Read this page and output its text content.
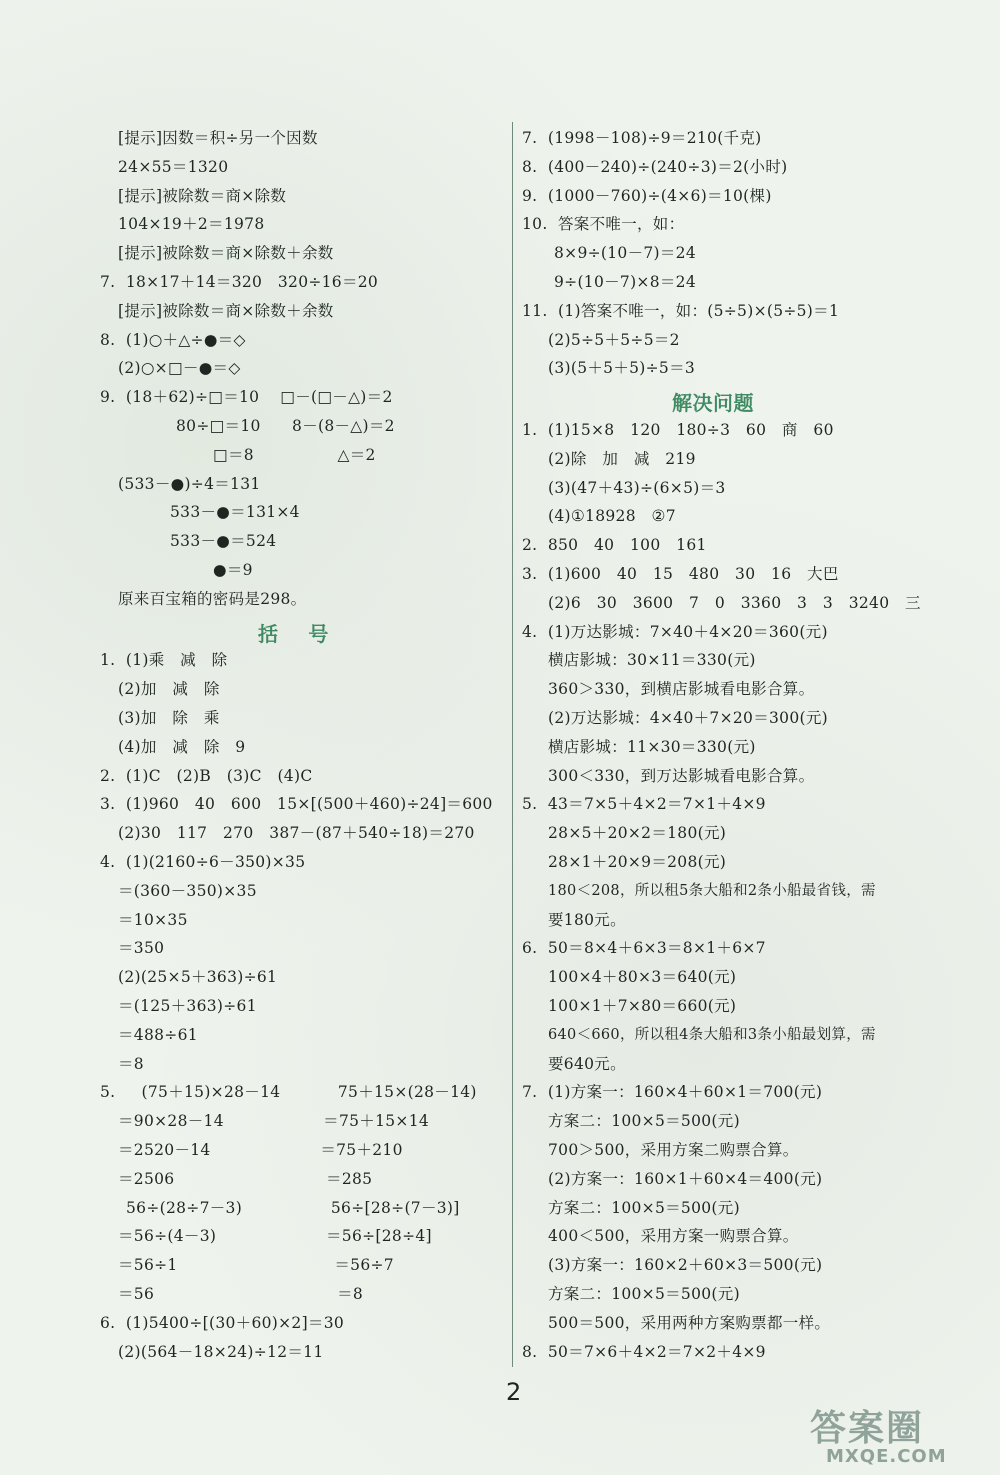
[提示]因数＝积÷另一个因数
24×55＝1320
[提示]被除数＝商×除数
104×19＋2＝1978
[提示]被除数＝商×除数＋余数
7.  18×17＋14＝320   320÷16＝20
[提示]被除数＝商×除数＋余数
8.  (1)○＋△÷●＝◇
(2)○×□－●＝◇
9.  (18＋62)÷□＝10    □－(□－△)＝2
80÷□＝10      8－(8－△)＝2
□＝8                △＝2
(533－●)÷4＝131
533－●＝131×4
533－●＝524
●＝9
原来百宝箱的密码是298。
括    号
1.  (1)乘   减   除
(2)加   减   除
(3)加   除   乘
(4)加   减   除   9
2.  (1)C   (2)B   (3)C   (4)C
3.  (1)960   40   600   15×[(500＋460)÷24]＝600
(2)30   117   270   387－(87＋540÷18)＝270
4.  (1)(2160÷6－350)×35
＝(360－350)×35
＝10×35
＝350
(2)(25×5＋363)÷61
＝(125＋363)÷61
＝488÷61
＝8
5.     (75＋15)×28－14           75＋15×(28－14)
＝90×28－14                   ＝75＋15×14
＝2520－14                     ＝75＋210
＝2506                             ＝285
56÷(28÷7－3)                 56÷[28÷(7－3)]
＝56÷(4－3)                     ＝56÷[28÷4]
＝56÷1                              ＝56÷7
＝56                                   ＝8
6.  (1)5400÷[(30＋60)×2]＝30
(2)(564－18×24)÷12＝11
7.  (1998－108)÷9＝210(千克)
8.  (400－240)÷(240÷3)＝2(小时)
9.  (1000－760)÷(4×6)＝10(棵)
10.  答案不唯一，如：
8×9÷(10－7)＝24
9÷(10－7)×8＝24
11.  (1)答案不唯一，如：(5÷5)×(5÷5)＝1
(2)5÷5＋5÷5＝2
(3)(5＋5＋5)÷5＝3
解决问题
1.  (1)15×8   120   180÷3   60   商   60
(2)除   加   减   219
(3)(47＋43)÷(6×5)＝3
(4)①18928   ②7
2.  850   40   100   161
3.  (1)600   40   15   480   30   16   大巴
(2)6   30   3600   7   0   3360   3   3   3240   三
4.  (1)万达影城：7×40＋4×20＝360(元)
横店影城：30×11＝330(元)
360＞330，到横店影城看电影合算。
(2)万达影城：4×40＋7×20＝300(元)
横店影城：11×30＝330(元)
300＜330，到万达影城看电影合算。
5.  43＝7×5＋4×2＝7×1＋4×9
28×5＋20×2＝180(元)
28×1＋20×9＝208(元)
180＜208，所以租5条大船和2条小船最省钱，需
要180元。
6.  50＝8×4＋6×3＝8×1＋6×7
100×4＋80×3＝640(元)
100×1＋7×80＝660(元)
640＜660，所以租4条大船和3条小船最划算，需
要640元。
7.  (1)方案一：160×4＋60×1＝700(元)
方案二：100×5＝500(元)
700＞500，采用方案二购票合算。
(2)方案一：160×1＋60×4＝400(元)
方案二：100×5＝500(元)
400＜500，采用方案一购票合算。
(3)方案一：160×2＋60×3＝500(元)
方案二：100×5＝500(元)
500＝500，采用两种方案购票都一样。
8.  50＝7×6＋4×2＝7×2＋4×9
2
答案圈
MXQE.COM
